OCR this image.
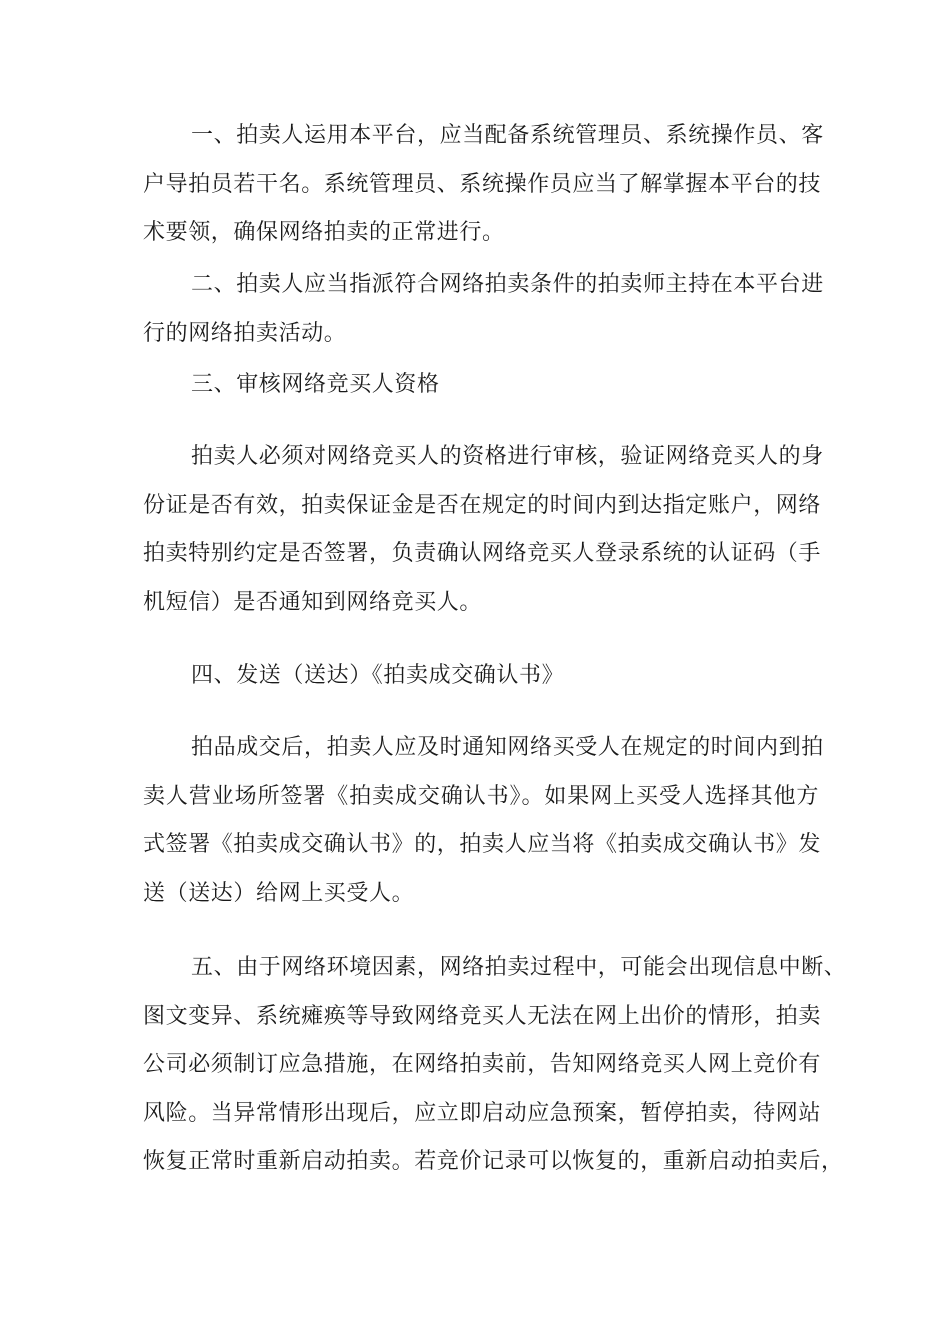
一、拍卖人运用本平台，应当配备系统管理员、系统操作员、客
户导拍员若干名。系统管理员、系统操作员应当了解掌握本平台的技
术要领，确保网络拍卖的正常进行。
二、拍卖人应当指派符合网络拍卖条件的拍卖师主持在本平台进
行的网络拍卖活动。
三、审核网络竞买人资格
拍卖人必须对网络竞买人的资格进行审核，验证网络竞买人的身
份证是否有效，拍卖保证金是否在规定的时间内到达指定账户，网络
拍卖特别约定是否签署，负责确认网络竞买人登录系统的认证码（手
机短信）是否通知到网络竞买人。
四、发送（送达）《拍卖成交确认书》
拍品成交后，拍卖人应及时通知网络买受人在规定的时间内到拍
卖人营业场所签署《拍卖成交确认书》。如果网上买受人选择其他方
式签署《拍卖成交确认书》的，拍卖人应当将《拍卖成交确认书》发
送（送达）给网上买受人。
五、由于网络环境因素，网络拍卖过程中，可能会出现信息中断、
图文变异、系统瘫痪等导致网络竞买人无法在网上出价的情形，拍卖
公司必须制订应急措施，在网络拍卖前，告知网络竞买人网上竞价有
风险。当异常情形出现后，应立即启动应急预案，暂停拍卖，待网站
恢复正常时重新启动拍卖。若竞价记录可以恢复的，重新启动拍卖后，
